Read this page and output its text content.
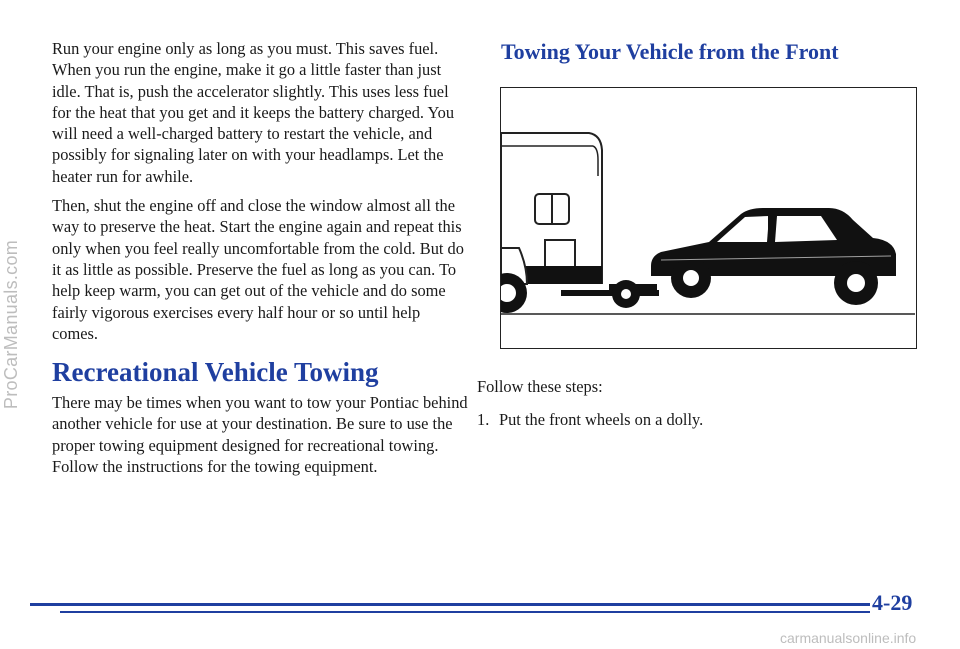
ProCarManuals.com

Run your engine only as long as you must. This saves fuel. When you run the engine, make it go a little faster than just idle. That is, push the accelerator slightly. This uses less fuel for the heat that you get and it keeps the battery charged. You will need a well-charged battery to restart the vehicle, and possibly for signaling later on with your headlamps. Let the heater run for awhile.

Then, shut the engine off and close the window almost all the way to preserve the heat. Start the engine again and repeat this only when you feel really uncomfortable from the cold. But do it as little as possible. Preserve the fuel as long as you can. To help keep warm, you can get out of the vehicle and do some fairly vigorous exercises every half hour or so until help comes.

Recreational Vehicle Towing

There may be times when you want to tow your Pontiac behind another vehicle for use at your destination. Be sure to use the proper towing equipment designed for recreational towing. Follow the instructions for the towing equipment.

Towing Your Vehicle from the Front

Follow these steps:

1. Put the front wheels on a dolly.
4-29
carmanualsonline.info
